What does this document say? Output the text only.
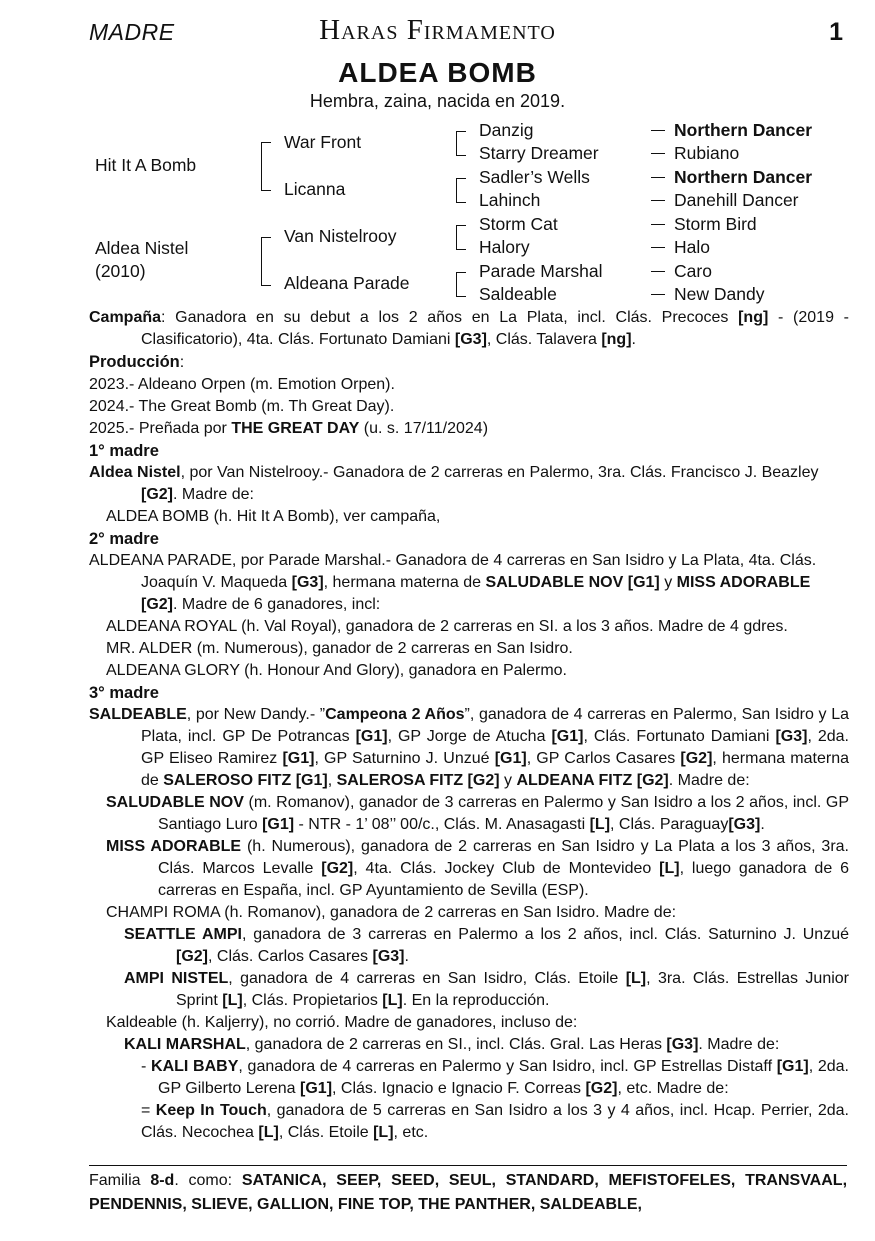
MADRE	Haras Firmamento	1
ALDEA BOMB
Hembra, zaina, nacida en 2019.
Hit It A Bomb
Aldea Nistel
(2010)
War Front
Licanna
Van Nistelrooy
Aldeana Parade
Danzig
Starry Dreamer
Sadler’s Wells
Lahinch
Storm Cat
Halory
Parade Marshal
Saldeable
Northern Dancer
Rubiano
Northern Dancer
Danehill Dancer
Storm Bird
Halo
Caro
New Dandy

Campaña: Ganadora en su debut a los 2 años en La Plata, incl. Clás. Precoces [ng] - (2019 - Clasificatorio), 4ta. Clás. Fortunato Damiani [G3], Clás. Talavera [ng].

Producción:

2023.- Aldeano Orpen (m. Emotion Orpen).

2024.- The Great Bomb (m. Th Great Day).

2025.- Preñada por THE GREAT DAY (u. s. 17/11/2024)

1° madre

Aldea Nistel, por Van Nistelrooy.- Ganadora de 2 carreras en Palermo, 3ra. Clás. Francisco J. Beazley [G2]. Madre de:

ALDEA BOMB (h. Hit It A Bomb), ver campaña,

2° madre

ALDEANA PARADE, por Parade Marshal.- Ganadora de 4 carreras en San Isidro y La Plata, 4ta. Clás. Joaquín V. Maqueda [G3], hermana materna de SALUDABLE NOV [G1] y MISS ADORABLE [G2]. Madre de 6 ganadores, incl:

ALDEANA ROYAL (h. Val Royal), ganadora de 2 carreras en SI. a los 3 años. Madre de 4 gdres.

MR. ALDER (m. Numerous), ganador de 2 carreras en San Isidro.

ALDEANA GLORY (h. Honour And Glory), ganadora en Palermo.

3° madre

SALDEABLE, por New Dandy.- ”Campeona 2 Años”, ganadora de 4 carreras en Palermo, San Isidro y La Plata, incl. GP De Potrancas [G1], GP Jorge de Atucha [G1], Clás. Fortunato Damiani [G3], 2da. GP Eliseo Ramirez [G1], GP Saturnino J. Unzué [G1], GP Carlos Casares [G2], hermana materna de SALEROSO FITZ [G1], SALEROSA FITZ [G2] y ALDEANA FITZ [G2]. Madre de:

SALUDABLE NOV (m. Romanov), ganador de 3 carreras en Palermo y San Isidro a los 2 años, incl. GP Santiago Luro [G1] - NTR - 1’ 08’’ 00/c., Clás. M. Anasagasti [L], Clás. Paraguay[G3].

MISS ADORABLE (h. Numerous), ganadora de 2 carreras en San Isidro y La Plata a los 3 años, 3ra. Clás. Marcos Levalle [G2], 4ta. Clás. Jockey Club de Montevideo [L], luego ganadora de 6 carreras en España, incl. GP Ayuntamiento de Sevilla (ESP).

CHAMPI ROMA (h. Romanov), ganadora de 2 carreras en San Isidro. Madre de:

SEATTLE AMPI, ganadora de 3 carreras en Palermo a los 2 años, incl. Clás. Saturnino J. Unzué [G2], Clás. Carlos Casares [G3].

AMPI NISTEL, ganadora de 4 carreras en San Isidro, Clás. Etoile [L], 3ra. Clás. Estrellas Junior Sprint [L], Clás. Propietarios [L]. En la reproducción.

Kaldeable (h. Kaljerry), no corrió. Madre de ganadores, incluso de:

KALI MARSHAL, ganadora de 2 carreras en SI., incl. Clás. Gral. Las Heras [G3]. Madre de:

- KALI BABY, ganadora de 4 carreras en Palermo y San Isidro, incl. GP Estrellas Distaff [G1], 2da. GP Gilberto Lerena [G1], Clás. Ignacio e Ignacio F. Correas [G2], etc. Madre de:

= Keep In Touch, ganadora de 5 carreras en San Isidro a los 3 y 4 años, incl. Hcap. Perrier, 2da. Clás. Necochea [L], Clás. Etoile [L], etc.

Familia 8-d. como: SATANICA, SEEP, SEED, SEUL, STANDARD, MEFISTOFELES, TRANSVAAL, PENDENNIS, SLIEVE, GALLION, FINE TOP, THE PANTHER, SALDEABLE,
